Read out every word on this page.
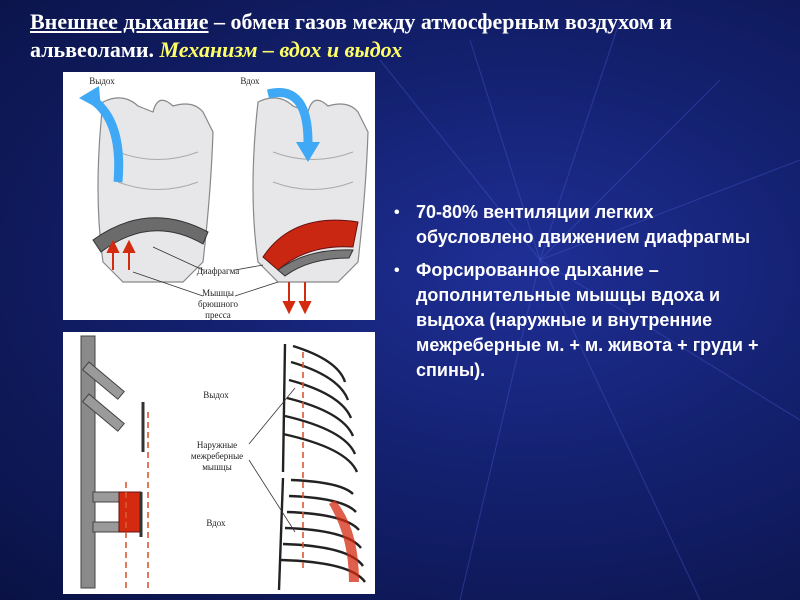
Внешнее дыхание – обмен газов между атмосферным воздухом и альвеолами. Механизм – вдох и выдох
Выдох	Вдох
Диафрагма
Мышцы брюшного пресса
Выдох
Наружные межреберные мышцы
Вдох
• 70-80% вентиляции легких обусловлено движением диафрагмы
• Форсированное дыхание – дополнительные мышцы вдоха и выдоха (наружные и внутренние межреберные м. + м. живота + груди + спины).
